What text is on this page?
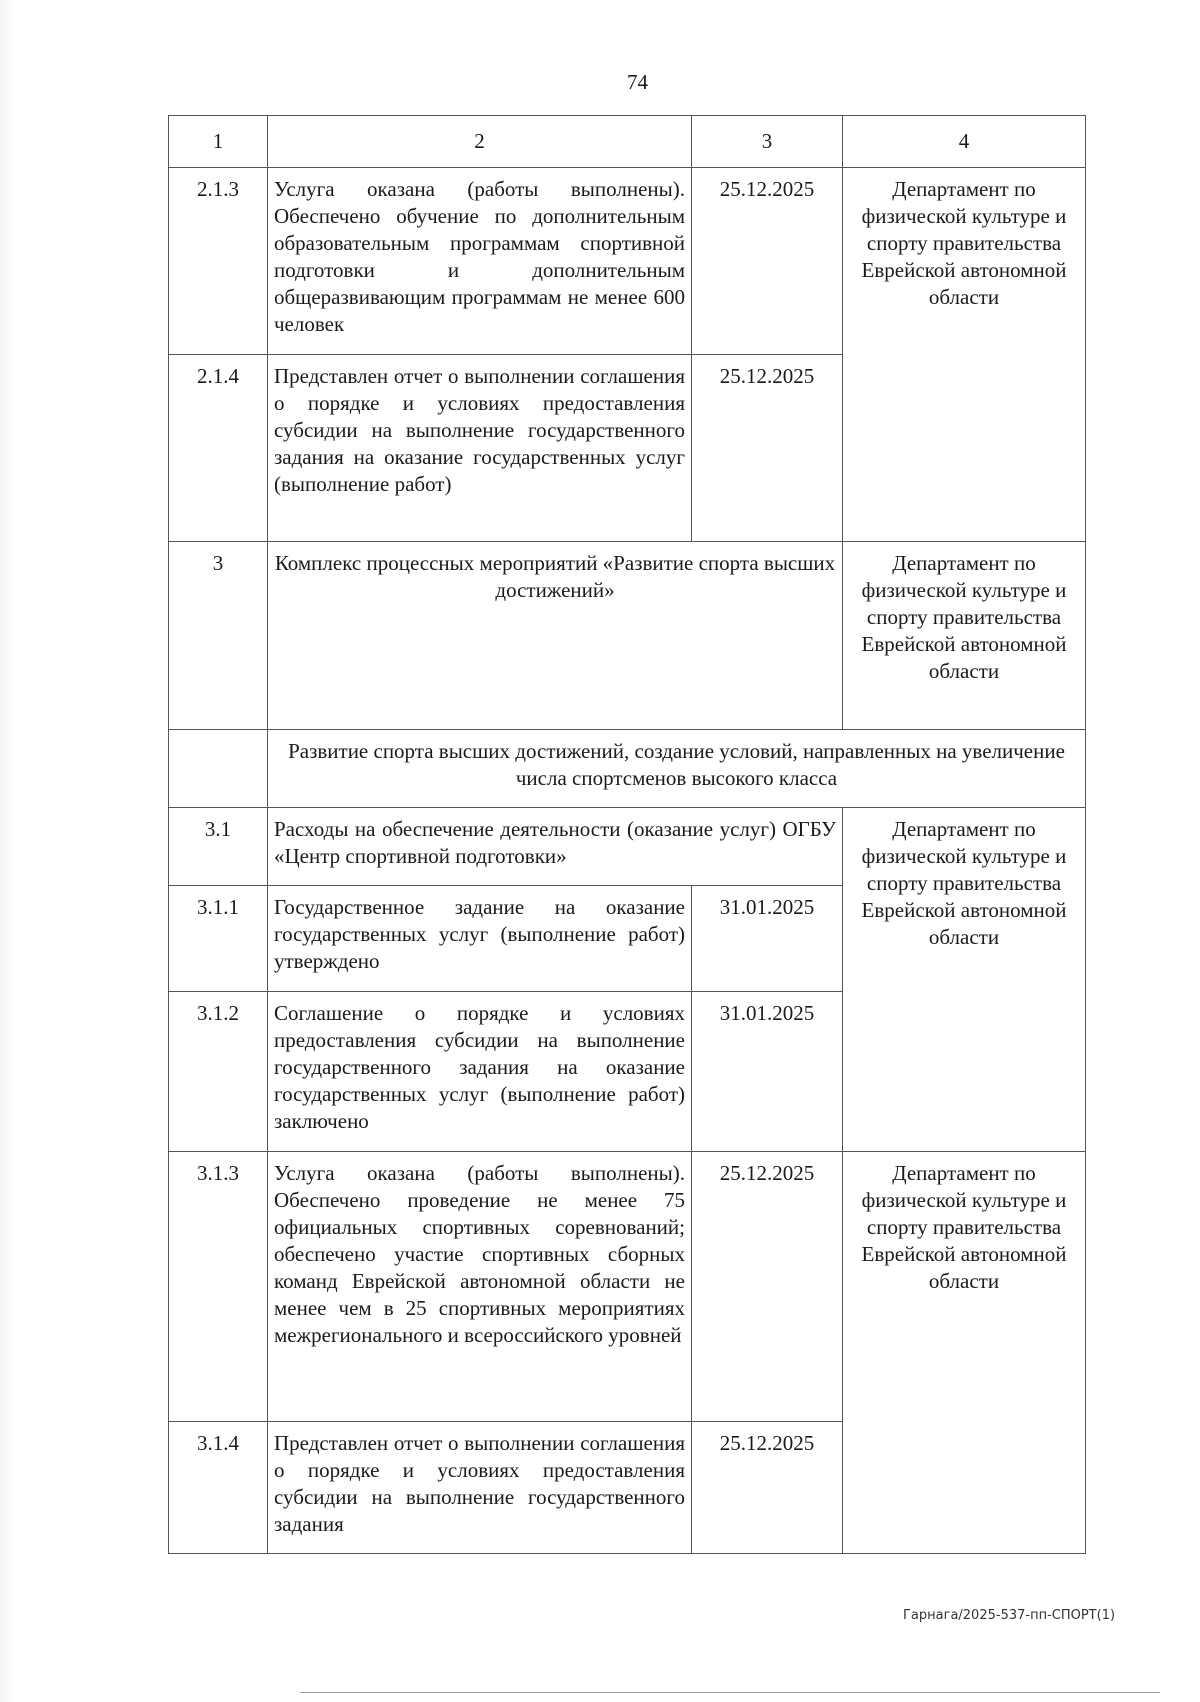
74
1	2	3	4
2.1.3	Услуга оказана (работы выполнены). Обеспечено обучение по дополнительным образовательным программам спортивной подготовки и дополнительным общеразвивающим программам не менее 600 человек	25.12.2025	Департамент по физической культуре и спорту правительства Еврейской автономной области
2.1.4	Представлен отчет о выполнении соглашения о порядке и условиях предоставления субсидии на выполнение государственного задания на оказание государственных услуг (выполнение работ)	25.12.2025	
3	Комплекс процессных мероприятий «Развитие спорта высших достижений»		Департамент по физической культуре и спорту правительства Еврейской автономной области
	Развитие спорта высших достижений, создание условий, направленных на увеличение числа спортсменов высокого класса		
3.1	Расходы на обеспечение деятельности (оказание услуг) ОГБУ «Центр спортивной подготовки»		Департамент по физической культуре и спорту правительства Еврейской автономной области
3.1.1	Государственное задание на оказание государственных услуг (выполнение работ) утверждено	31.01.2025	
3.1.2	Соглашение о порядке и условиях предоставления субсидии на выполнение государственного задания на оказание государственных услуг (выполнение работ) заключено	31.01.2025	
3.1.3	Услуга оказана (работы выполнены). Обеспечено проведение не менее 75 официальных спортивных соревнований; обеспечено участие спортивных сборных команд Еврейской автономной области не менее чем в 25 спортивных мероприятиях межрегионального и всероссийского уровней	25.12.2025	Департамент по физической культуре и спорту правительства Еврейской автономной области
3.1.4	Представлен отчет о выполнении соглашения о порядке и условиях предоставления субсидии на выполнение государственного задания	25.12.2025	
Гарнага/2025-537-пп-СПОРТ(1)
